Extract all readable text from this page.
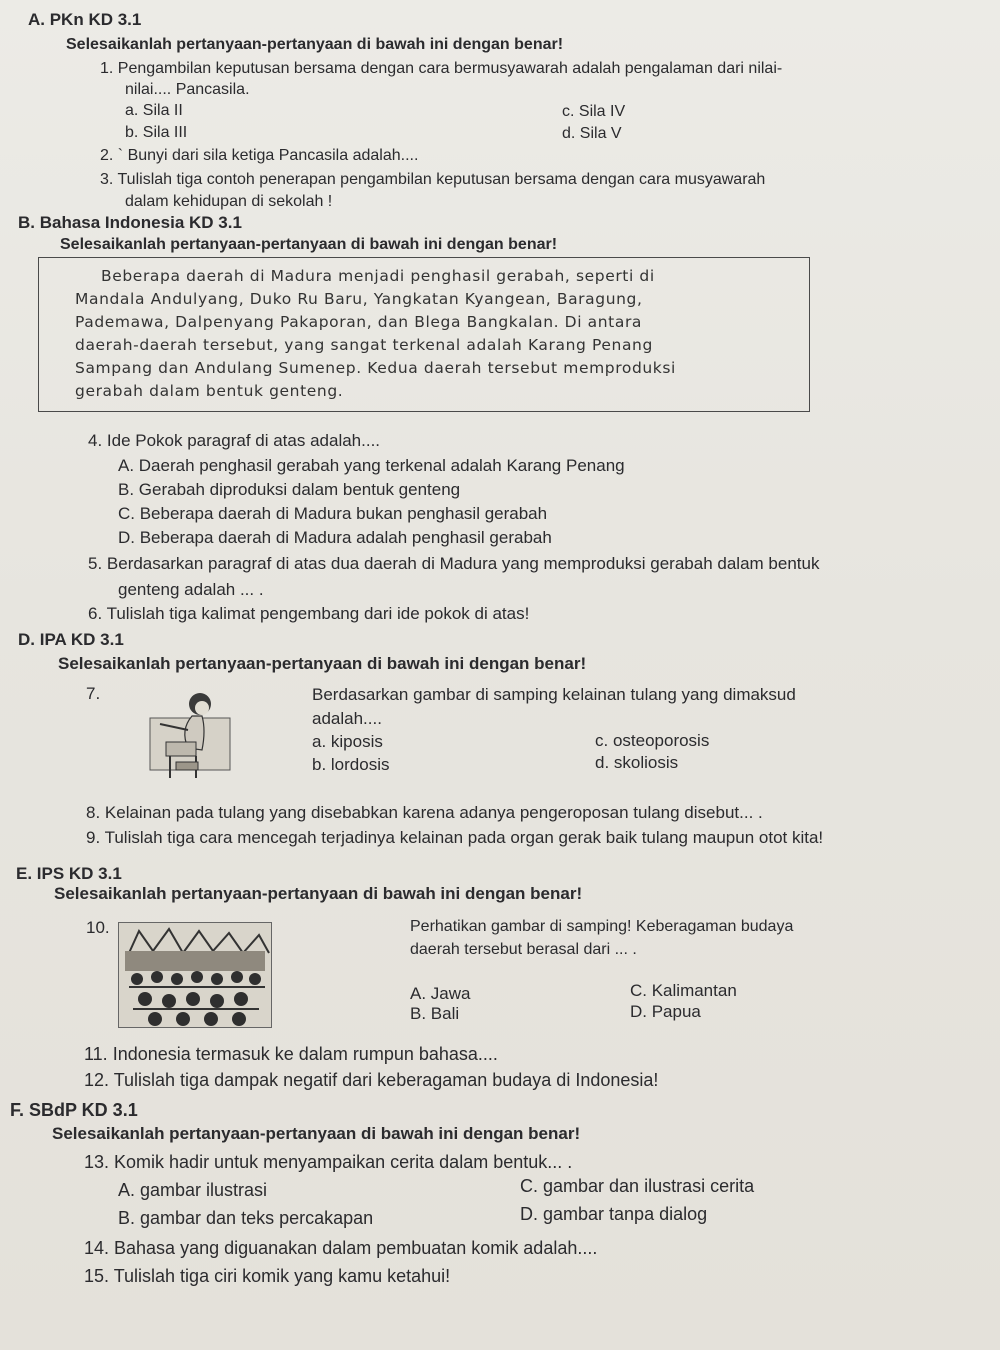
A. PKn KD 3.1
Selesaikanlah pertanyaan-pertanyaan di bawah ini dengan benar!
1. Pengambilan keputusan bersama dengan cara bermusyawarah adalah pengalaman dari nilai-
nilai.... Pancasila.
a. Sila II
b. Sila III
c. Sila IV
d. Sila V
2. ` Bunyi dari sila ketiga Pancasila adalah....
3. Tulislah tiga contoh penerapan pengambilan keputusan bersama dengan cara musyawarah
dalam kehidupan di sekolah !
B. Bahasa Indonesia KD 3.1
Selesaikanlah pertanyaan-pertanyaan di bawah ini dengan benar!
Beberapa daerah di Madura menjadi penghasil gerabah, seperti di
Mandala Andulyang, Duko Ru Baru, Yangkatan Kyangean, Baragung,
Pademawa, Dalpenyang Pakaporan, dan Blega Bangkalan. Di antara
daerah-daerah tersebut, yang sangat terkenal adalah Karang Penang
Sampang dan Andulang Sumenep. Kedua daerah tersebut memproduksi
gerabah dalam bentuk genteng.
4. Ide Pokok paragraf di atas adalah....
A. Daerah penghasil gerabah yang terkenal adalah Karang Penang
B. Gerabah diproduksi dalam bentuk genteng
C. Beberapa daerah di Madura bukan penghasil gerabah
D. Beberapa daerah di Madura adalah penghasil gerabah
5. Berdasarkan paragraf di atas dua daerah di Madura yang memproduksi gerabah dalam bentuk
genteng adalah ... .
6. Tulislah tiga kalimat pengembang dari ide pokok di atas!
D. IPA KD 3.1
Selesaikanlah pertanyaan-pertanyaan di bawah ini dengan benar!
7.	Berdasarkan gambar di samping kelainan tulang yang dimaksud
adalah....
a. kiposis
b. lordosis
c. osteoporosis
d. skoliosis
8. Kelainan pada tulang yang disebabkan karena adanya pengeroposan tulang disebut... .
9. Tulislah tiga cara mencegah terjadinya kelainan pada organ gerak baik tulang maupun otot kita!
E. IPS KD 3.1
Selesaikanlah pertanyaan-pertanyaan di bawah ini dengan benar!
10.	Perhatikan gambar di samping! Keberagaman budaya
daerah tersebut berasal dari ... .
A. Jawa
B. Bali
C. Kalimantan
D. Papua
11. Indonesia termasuk ke dalam rumpun bahasa....
12. Tulislah tiga dampak negatif dari keberagaman budaya di Indonesia!
F. SBdP KD 3.1
Selesaikanlah pertanyaan-pertanyaan di bawah ini dengan benar!
13. Komik hadir untuk menyampaikan cerita dalam bentuk... .
A. gambar ilustrasi
B. gambar dan teks percakapan
C. gambar dan ilustrasi cerita
D. gambar tanpa dialog
14. Bahasa yang diguanakan dalam pembuatan komik adalah....
15. Tulislah tiga ciri komik yang kamu ketahui!
